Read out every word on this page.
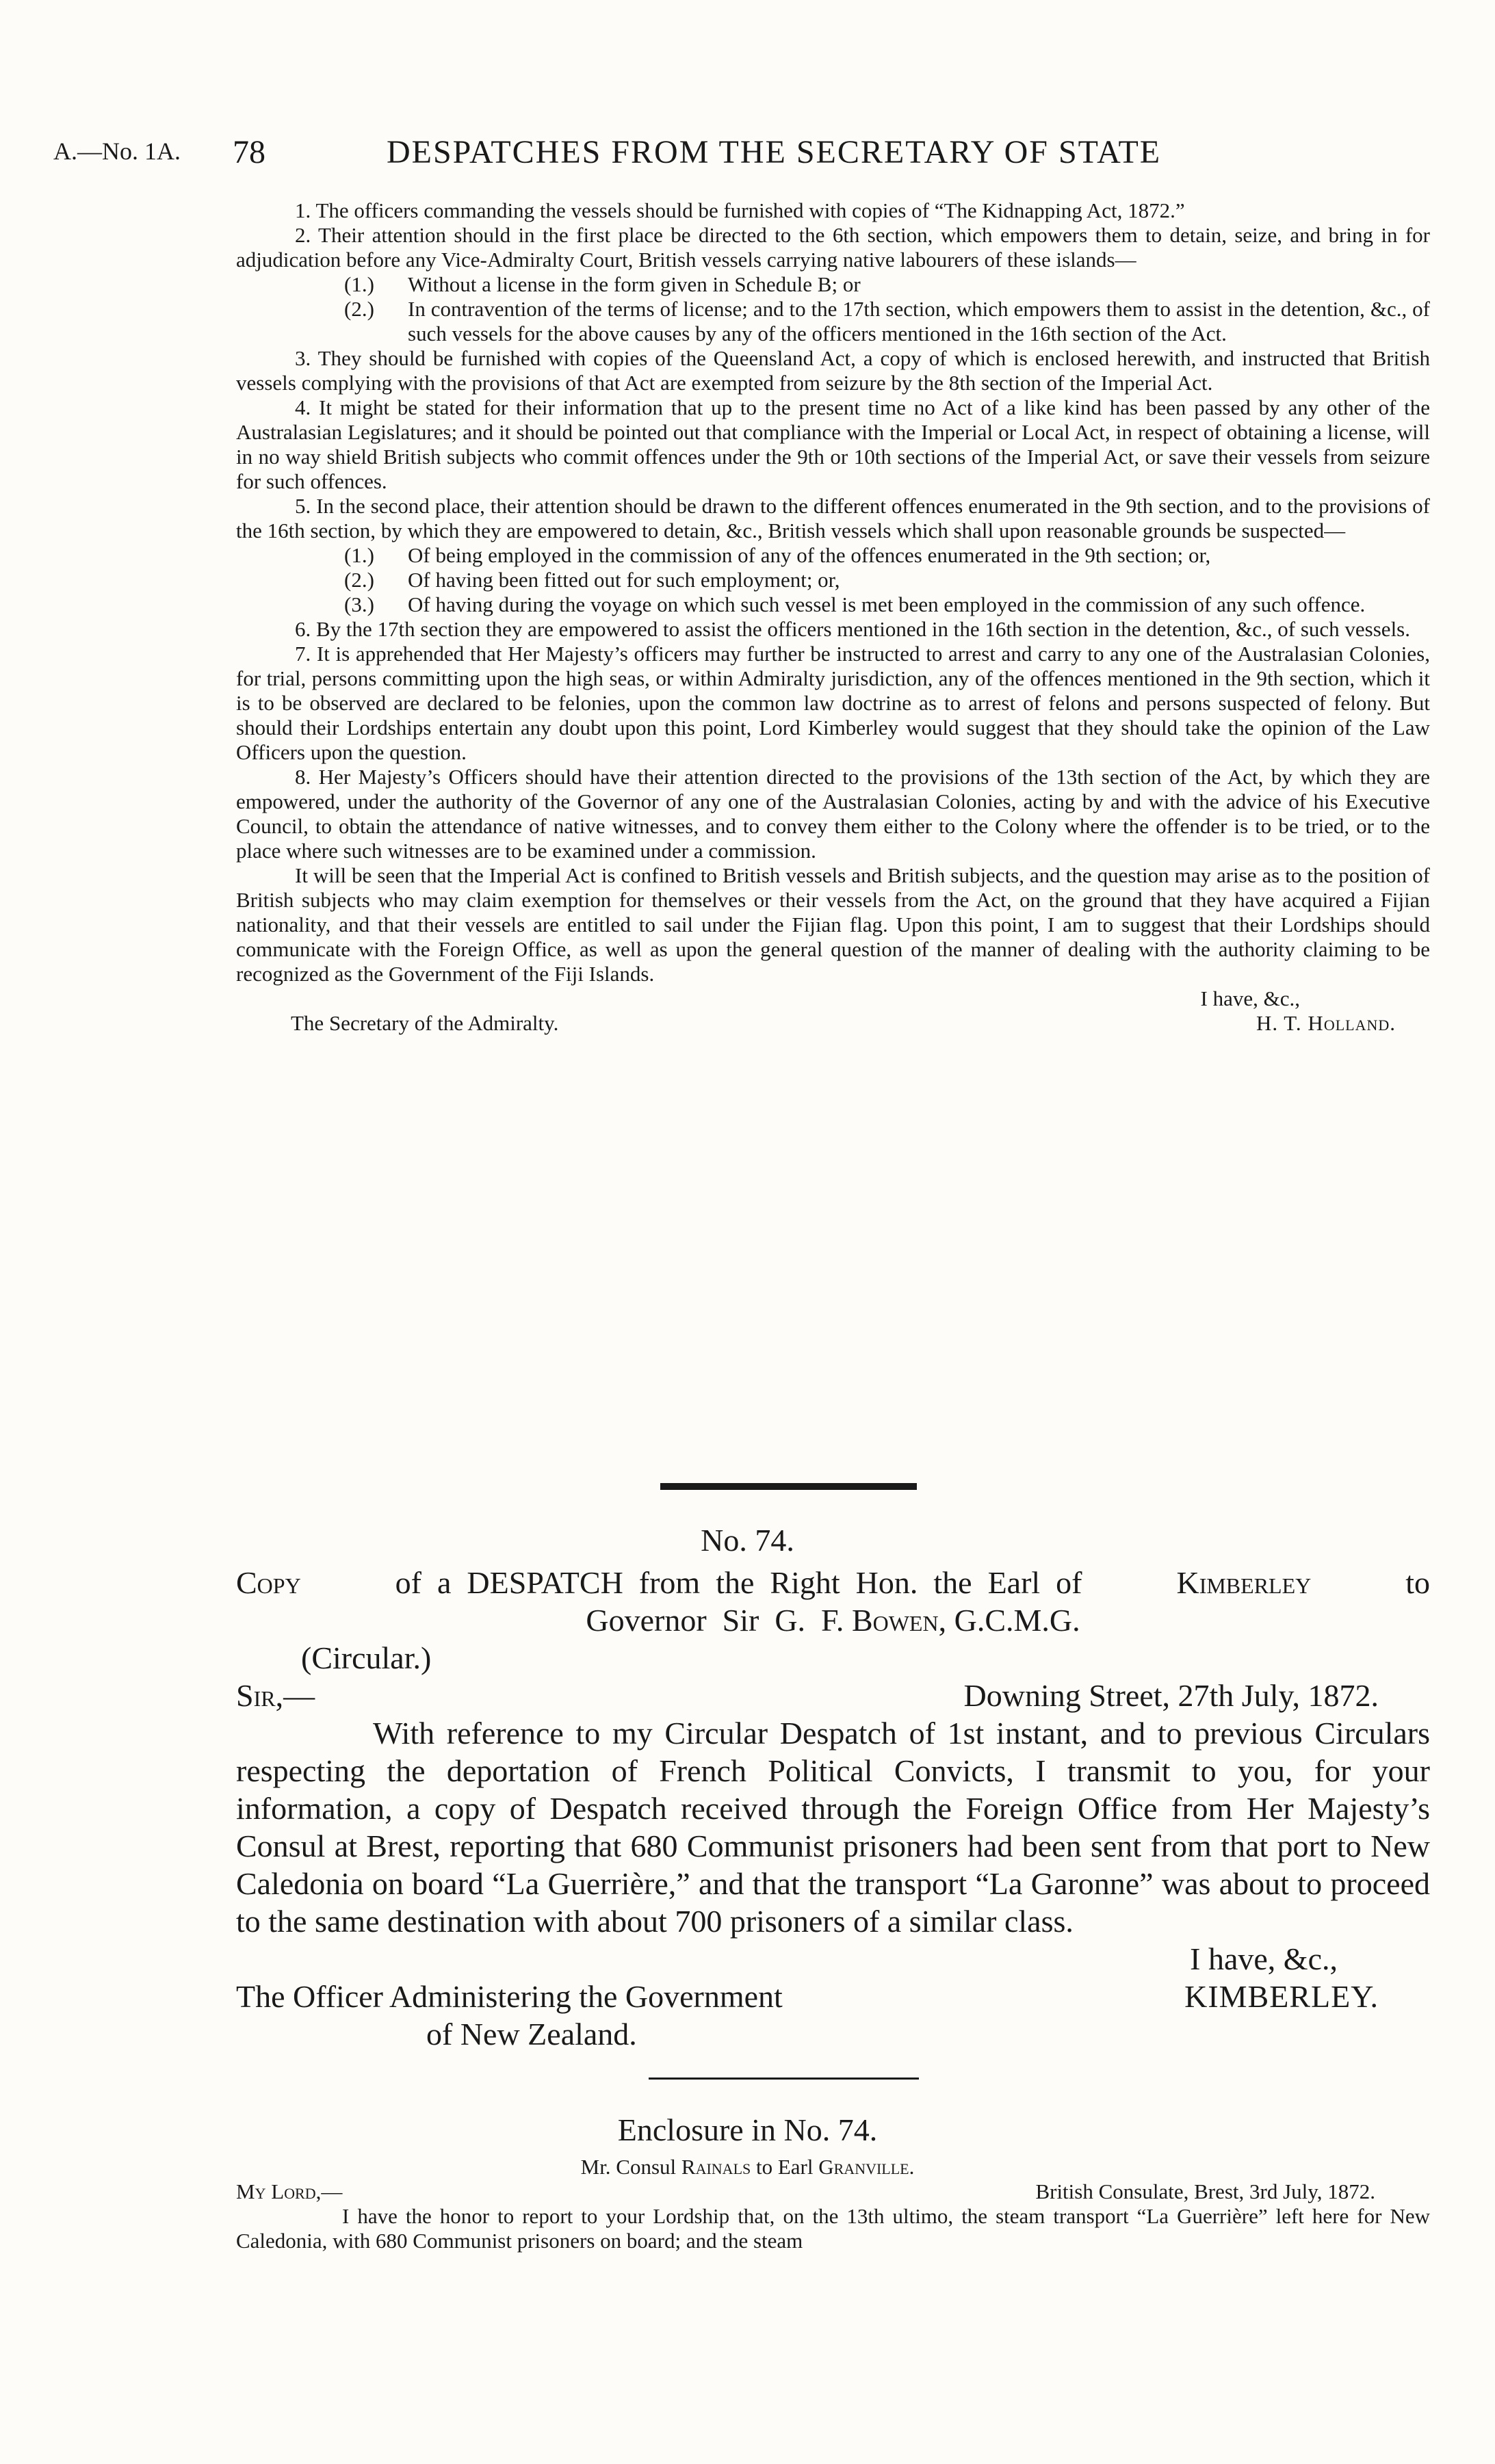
A.—No. 1A. 78	DESPATCHES FROM THE SECRETARY OF STATE

1. The officers commanding the vessels should be furnished with copies of “The Kidnapping Act, 1872.”

2. Their attention should in the first place be directed to the 6th section, which empowers them to detain, seize, and bring in for adjudication before any Vice-Admiralty Court, British vessels carrying native labourers of these islands—

(1.) Without a license in the form given in Schedule B; or

(2.) In contravention of the terms of license; and to the 17th section, which empowers them to assist in the detention, &c., of such vessels for the above causes by any of the officers mentioned in the 16th section of the Act.

3. They should be furnished with copies of the Queensland Act, a copy of which is enclosed herewith, and instructed that British vessels complying with the provisions of that Act are exempted from seizure by the 8th section of the Imperial Act.

4. It might be stated for their information that up to the present time no Act of a like kind has been passed by any other of the Australasian Legislatures; and it should be pointed out that compliance with the Imperial or Local Act, in respect of obtaining a license, will in no way shield British subjects who commit offences under the 9th or 10th sections of the Imperial Act, or save their vessels from seizure for such offences.

5. In the second place, their attention should be drawn to the different offences enumerated in the 9th section, and to the provisions of the 16th section, by which they are empowered to detain, &c., British vessels which shall upon reasonable grounds be suspected—

(1.) Of being employed in the commission of any of the offences enumerated in the 9th section; or,

(2.) Of having been fitted out for such employment; or,

(3.) Of having during the voyage on which such vessel is met been employed in the commission of any such offence.

6. By the 17th section they are empowered to assist the officers mentioned in the 16th section in the detention, &c., of such vessels.

7. It is apprehended that Her Majesty’s officers may further be instructed to arrest and carry to any one of the Australasian Colonies, for trial, persons committing upon the high seas, or within Admiralty jurisdiction, any of the offences mentioned in the 9th section, which it is to be observed are declared to be felonies, upon the common law doctrine as to arrest of felons and persons suspected of felony. But should their Lordships entertain any doubt upon this point, Lord Kimberley would suggest that they should take the opinion of the Law Officers upon the question.

8. Her Majesty’s Officers should have their attention directed to the provisions of the 13th section of the Act, by which they are empowered, under the authority of the Governor of any one of the Australasian Colonies, acting by and with the advice of his Executive Council, to obtain the attendance of native witnesses, and to convey them either to the Colony where the offender is to be tried, or to the place where such witnesses are to be examined under a commission.

It will be seen that the Imperial Act is confined to British vessels and British subjects, and the question may arise as to the position of British subjects who may claim exemption for themselves or their vessels from the Act, on the ground that they have acquired a Fijian nationality, and that their vessels are entitled to sail under the Fijian flag. Upon this point, I am to suggest that their Lordships should communicate with the Foreign Office, as well as upon the general question of the manner of dealing with the authority claiming to be recognized as the Government of the Fiji Islands.

I have, &c.,
The Secretary of the Admiralty.	H. T. Holland.
No. 74.
Copy	of  a  DESPATCH  from  the  Right  Hon.  the  Earl  of	Kimberley	to
Governor  Sir  G.  F. Bowen, G.C.M.G.
(Circular.)
Sir,—	Downing Street, 27th July, 1872.

With reference to my Circular Despatch of 1st instant, and to previous Circulars respecting the deportation of French Political Convicts, I transmit to you, for your information, a copy of Despatch received through the Foreign Office from Her Majesty’s Consul at Brest, reporting that 680 Communist prisoners had been sent from that port to New Caledonia on board “La Guerrière,” and that the transport “La Garonne” was about to proceed to the same destination with about 700 prisoners of a similar class.

I have, &c.,
The Officer Administering the Government	KIMBERLEY.
of New Zealand.
Enclosure in No. 74.
Mr. Consul Rainals to Earl Granville.
My Lord,—	British Consulate, Brest, 3rd July, 1872.

I have the honor to report to your Lordship that, on the 13th ultimo, the steam transport “La Guerrière” left here for New Caledonia, with 680 Communist prisoners on board; and the steam
